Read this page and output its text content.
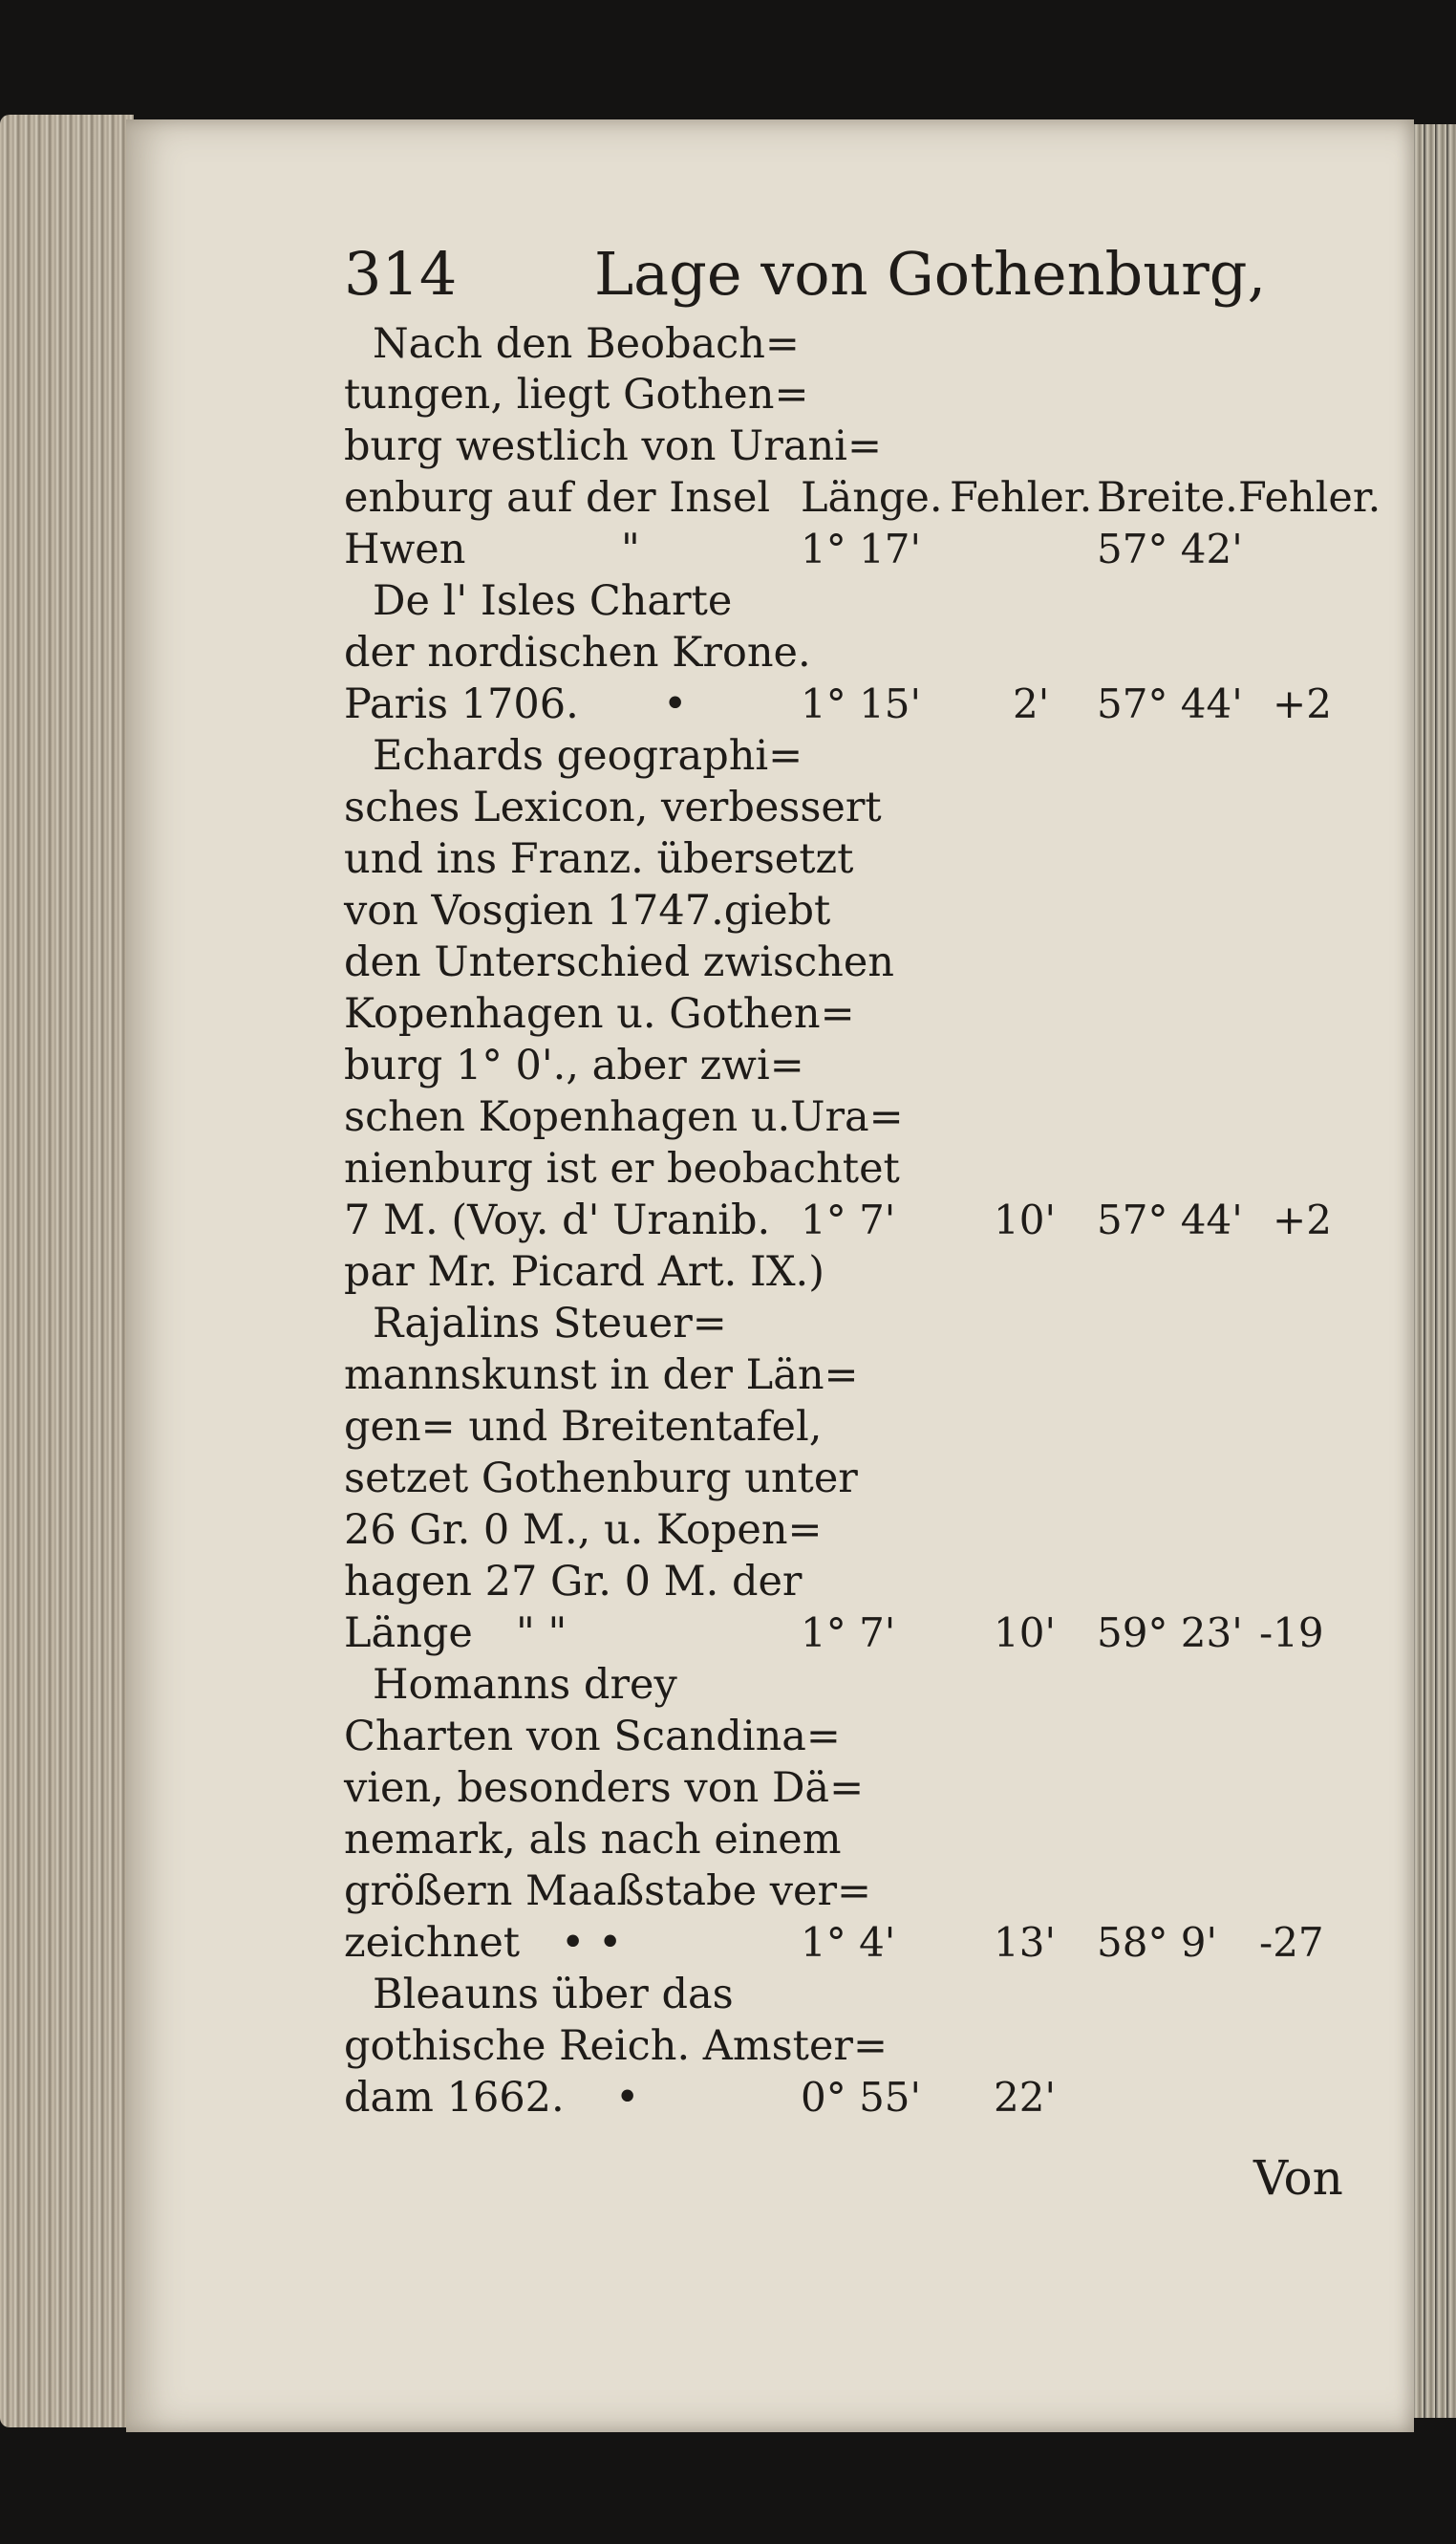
314 Lage von Gothenburg,
Nach den Beobach=
tungen, liegt Gothen=
burg westlich von Urani=
enburg auf der Insel
Hwen	"
De l' Isles Charte
der nordischen Krone.
Paris 1706. •
Echards geographi=
sches Lexicon, verbessert
und ins Franz. übersetzt
von Vosgien 1747.giebt
den Unterschied zwischen
Kopenhagen u. Gothen=
burg 1° 0'., aber zwi=
schen Kopenhagen u.Ura=
nienburg ist er beobachtet
7 M. (Voy. d' Uranib.
par Mr. Picard Art. IX.)
Rajalins Steuer=
mannskunst in der Län=
gen= und Breitentafel,
setzet Gothenburg unter
26 Gr. 0 M., u. Kopen=
hagen 27 Gr. 0 M. der
Länge " "
Homanns drey
Charten von Scandina=
vien, besonders von Dä=
nemark, als nach einem
größern Maaßstabe ver=
zeichnet • •
Bleauns über das
gothische Reich. Amster=
dam 1662. •
Länge. Fehler. Breite. Fehler.
1° 17'	57° 42'
1° 15' 2' 57° 44' +2
1° 7' 10' 57° 44' +2
1° 7' 10' 59° 23' -19
1° 4' 13' 58° 9' -27
0° 55' 22'
Von
